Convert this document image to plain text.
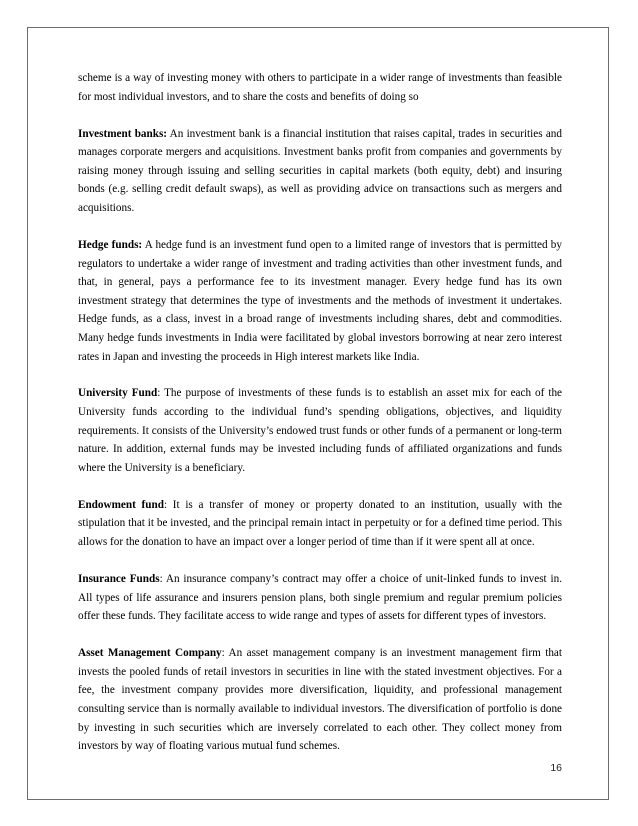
scheme is a way of investing money with others to participate in a wider range of investments than feasible for most individual investors, and to share the costs and benefits of doing so

Investment banks: An investment bank is a financial institution that raises capital, trades in securities and manages corporate mergers and acquisitions. Investment banks profit from companies and governments by raising money through issuing and selling securities in capital markets (both equity, debt) and insuring bonds (e.g. selling credit default swaps), as well as providing advice on transactions such as mergers and acquisitions.

Hedge funds: A hedge fund is an investment fund open to a limited range of investors that is permitted by regulators to undertake a wider range of investment and trading activities than other investment funds, and that, in general, pays a performance fee to its investment manager. Every hedge fund has its own investment strategy that determines the type of investments and the methods of investment it undertakes. Hedge funds, as a class, invest in a broad range of investments including shares, debt and commodities. Many hedge funds investments in India were facilitated by global investors borrowing at near zero interest rates in Japan and investing the proceeds in High interest markets like India.

University Fund: The purpose of investments of these funds is to establish an asset mix for each of the University funds according to the individual fund’s spending obligations, objectives, and liquidity requirements. It consists of the University’s endowed trust funds or other funds of a permanent or long-term nature. In addition, external funds may be invested including funds of affiliated organizations and funds where the University is a beneficiary.

Endowment fund: It is a transfer of money or property donated to an institution, usually with the stipulation that it be invested, and the principal remain intact in perpetuity or for a defined time period. This allows for the donation to have an impact over a longer period of time than if it were spent all at once.

Insurance Funds: An insurance company’s contract may offer a choice of unit-linked funds to invest in. All types of life assurance and insurers pension plans, both single premium and regular premium policies offer these funds. They facilitate access to wide range and types of assets for different types of investors.

Asset Management Company: An asset management company is an investment management firm that invests the pooled funds of retail investors in securities in line with the stated investment objectives. For a fee, the investment company provides more diversification, liquidity, and professional management consulting service than is normally available to individual investors. The diversification of portfolio is done by investing in such securities which are inversely correlated to each other. They collect money from investors by way of floating various mutual fund schemes.

16
